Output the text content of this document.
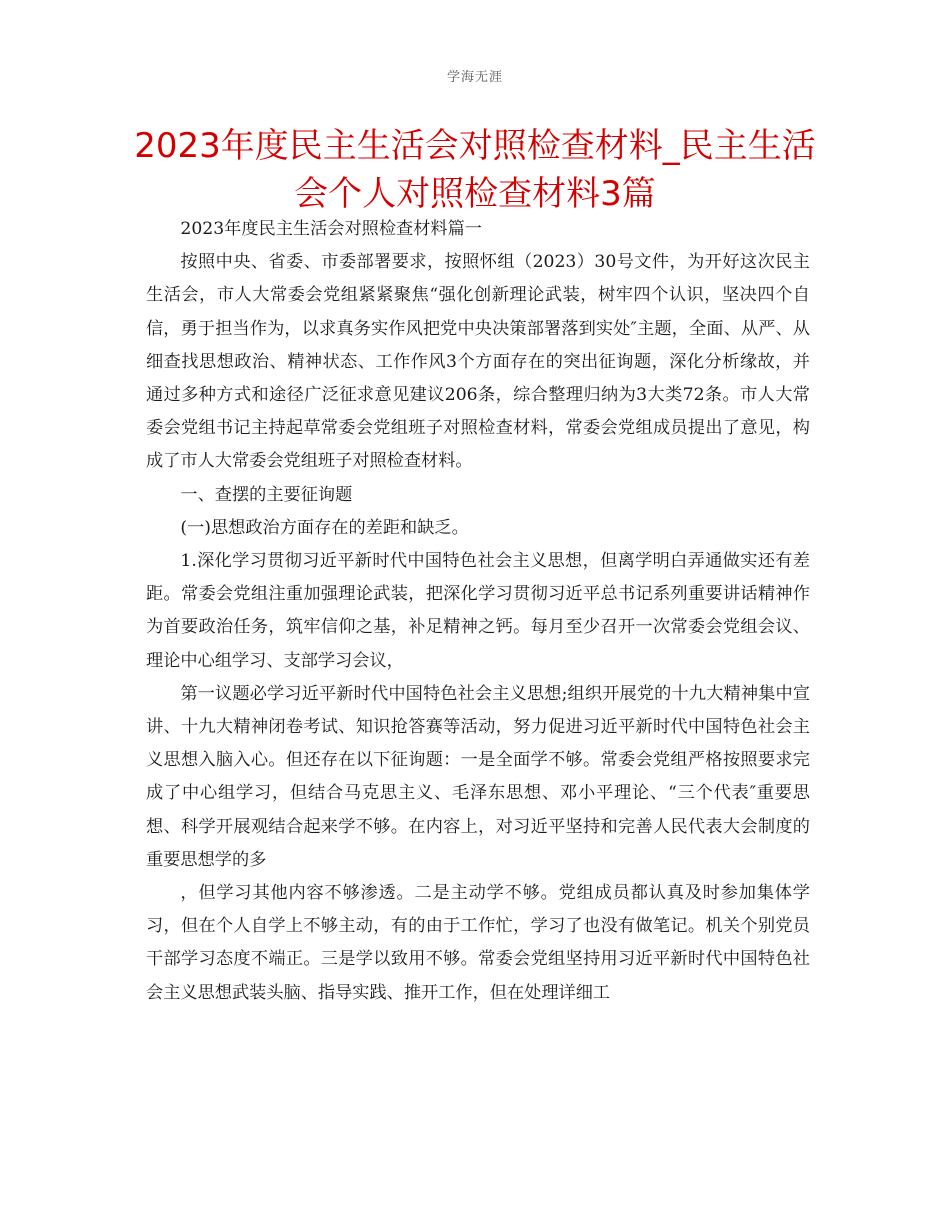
学海无涯
2023年度民主生活会对照检查材料_民主生活会个人对照检查材料3篇

2023年度民主生活会对照检查材料篇一

按照中央、省委、市委部署要求，按照怀组（2023）30号文件，为开好这次民主生活会，市人大常委会党组紧紧聚焦“强化创新理论武装，树牢四个认识，坚决四个自信，勇于担当作为，以求真务实作风把党中央决策部署落到实处″主题，全面、从严、从细查找思想政治、精神状态、工作作风3个方面存在的突出征询题，深化分析缘故，并通过多种方式和途径广泛征求意见建议206条，综合整理归纳为3大类72条。市人大常委会党组书记主持起草常委会党组班子对照检查材料，常委会党组成员提出了意见，构成了市人大常委会党组班子对照检查材料。

一、查摆的主要征询题

(一)思想政治方面存在的差距和缺乏。

1.深化学习贯彻习近平新时代中国特色社会主义思想，但离学明白弄通做实还有差距。常委会党组注重加强理论武装，把深化学习贯彻习近平总书记系列重要讲话精神作为首要政治任务，筑牢信仰之基，补足精神之钙。每月至少召开一次常委会党组会议、理论中心组学习、支部学习会议，

第一议题必学习近平新时代中国特色社会主义思想;组织开展党的十九大精神集中宣讲、十九大精神闭卷考试、知识抢答赛等活动，努力促进习近平新时代中国特色社会主义思想入脑入心。但还存在以下征询题：一是全面学不够。常委会党组严格按照要求完成了中心组学习，但结合马克思主义、毛泽东思想、邓小平理论、“三个代表″重要思想、科学开展观结合起来学不够。在内容上，对习近平坚持和完善人民代表大会制度的重要思想学的多

，但学习其他内容不够渗透。二是主动学不够。党组成员都认真及时参加集体学习，但在个人自学上不够主动，有的由于工作忙，学习了也没有做笔记。机关个别党员干部学习态度不端正。三是学以致用不够。常委会党组坚持用习近平新时代中国特色社会主义思想武装头脑、指导实践、推开工作，但在处理详细工
